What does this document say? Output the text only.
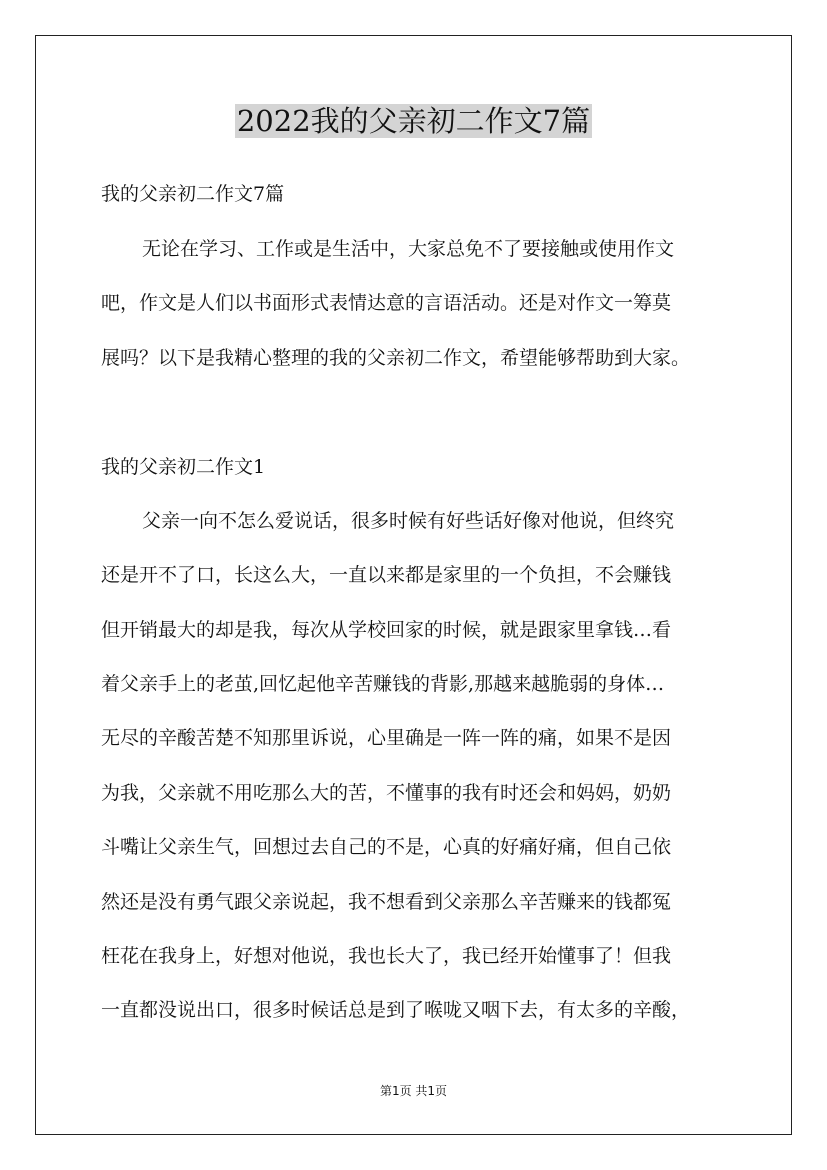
2022我的父亲初二作文7篇
我的父亲初二作文7篇
无论在学习、工作或是生活中，大家总免不了要接触或使用作文
吧，作文是人们以书面形式表情达意的言语活动。还是对作文一筹莫
展吗？以下是我精心整理的我的父亲初二作文，希望能够帮助到大家。
我的父亲初二作文1
父亲一向不怎么爱说话，很多时候有好些话好像对他说，但终究
还是开不了口，长这么大，一直以来都是家里的一个负担，不会赚钱
但开销最大的却是我，每次从学校回家的时候，就是跟家里拿钱…看
着父亲手上的老茧,回忆起他辛苦赚钱的背影,那越来越脆弱的身体…
无尽的辛酸苦楚不知那里诉说，心里确是一阵一阵的痛，如果不是因
为我，父亲就不用吃那么大的苦，不懂事的我有时还会和妈妈，奶奶
斗嘴让父亲生气，回想过去自己的不是，心真的好痛好痛，但自己依
然还是没有勇气跟父亲说起，我不想看到父亲那么辛苦赚来的钱都冤
枉花在我身上，好想对他说，我也长大了，我已经开始懂事了！但我
一直都没说出口，很多时候话总是到了喉咙又咽下去，有太多的辛酸，
第1页 共1页
